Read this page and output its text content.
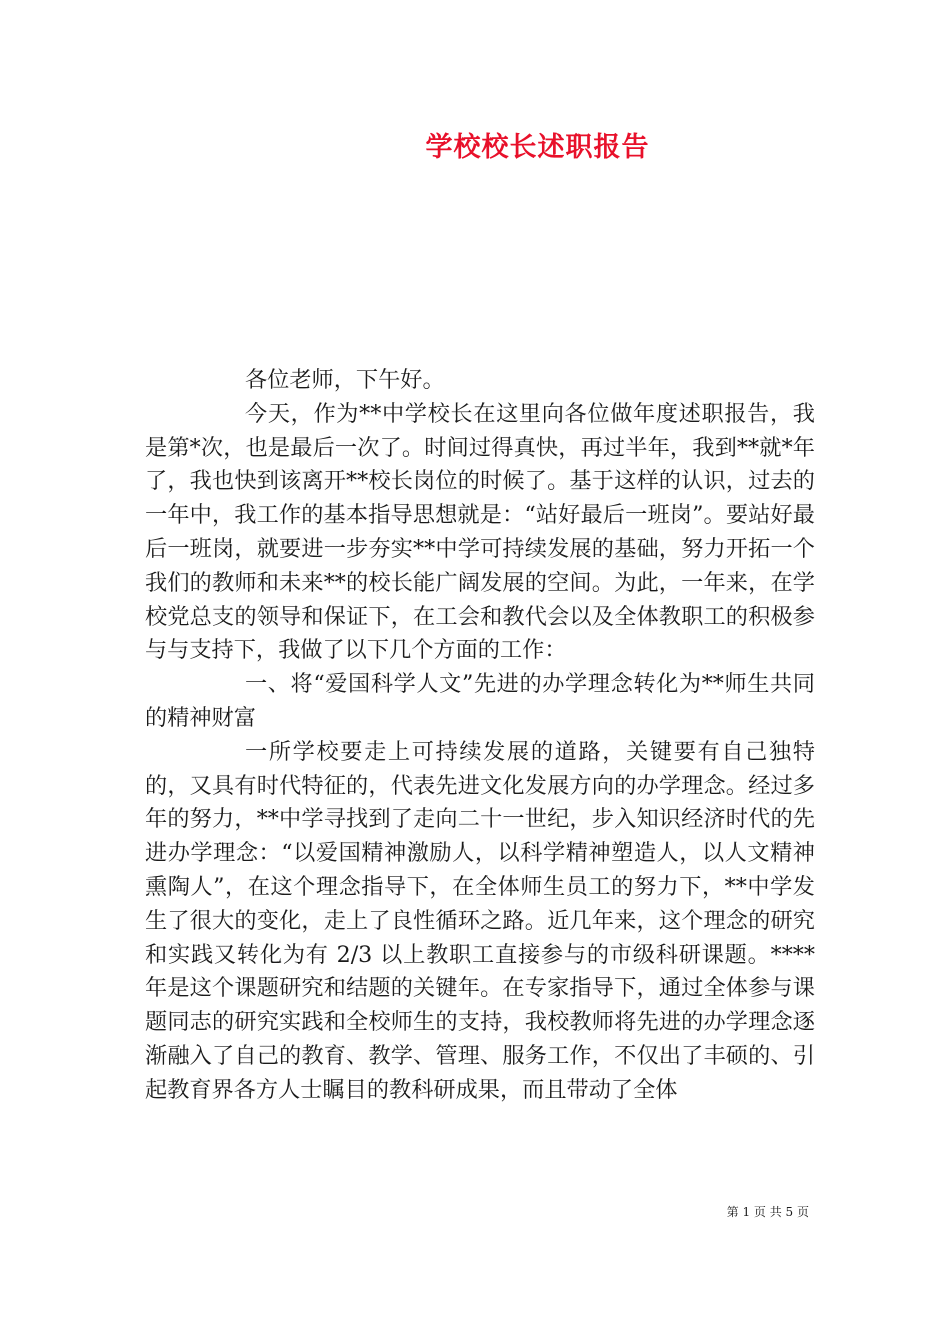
学校校长述职报告

各位老师，下午好。

今天，作为**中学校长在这里向各位做年度述职报告，我是第*次，也是最后一次了。时间过得真快，再过半年，我到**就*年了，我也快到该离开**校长岗位的时候了。基于这样的认识，过去的一年中，我工作的基本指导思想就是：“站好最后一班岗”。要站好最后一班岗，就要进一步夯实**中学可持续发展的基础，努力开拓一个我们的教师和未来**的校长能广阔发展的空间。为此，一年来，在学校党总支的领导和保证下，在工会和教代会以及全体教职工的积极参与与支持下，我做了以下几个方面的工作：

一、将“爱国科学人文”先进的办学理念转化为**师生共同的精神财富

一所学校要走上可持续发展的道路，关键要有自己独特的，又具有时代特征的，代表先进文化发展方向的办学理念。经过多年的努力，**中学寻找到了走向二十一世纪，步入知识经济时代的先进办学理念：“以爱国精神激励人，以科学精神塑造人，以人文精神熏陶人”，在这个理念指导下，在全体师生员工的努力下，**中学发生了很大的变化，走上了良性循环之路。近几年来，这个理念的研究和实践又转化为有 2/3 以上教职工直接参与的市级科研课题。****年是这个课题研究和结题的关键年。在专家指导下，通过全体参与课题同志的研究实践和全校师生的支持，我校教师将先进的办学理念逐渐融入了自己的教育、教学、管理、服务工作，不仅出了丰硕的、引起教育界各方人士瞩目的教科研成果，而且带动了全体

第 1 页 共 5 页
